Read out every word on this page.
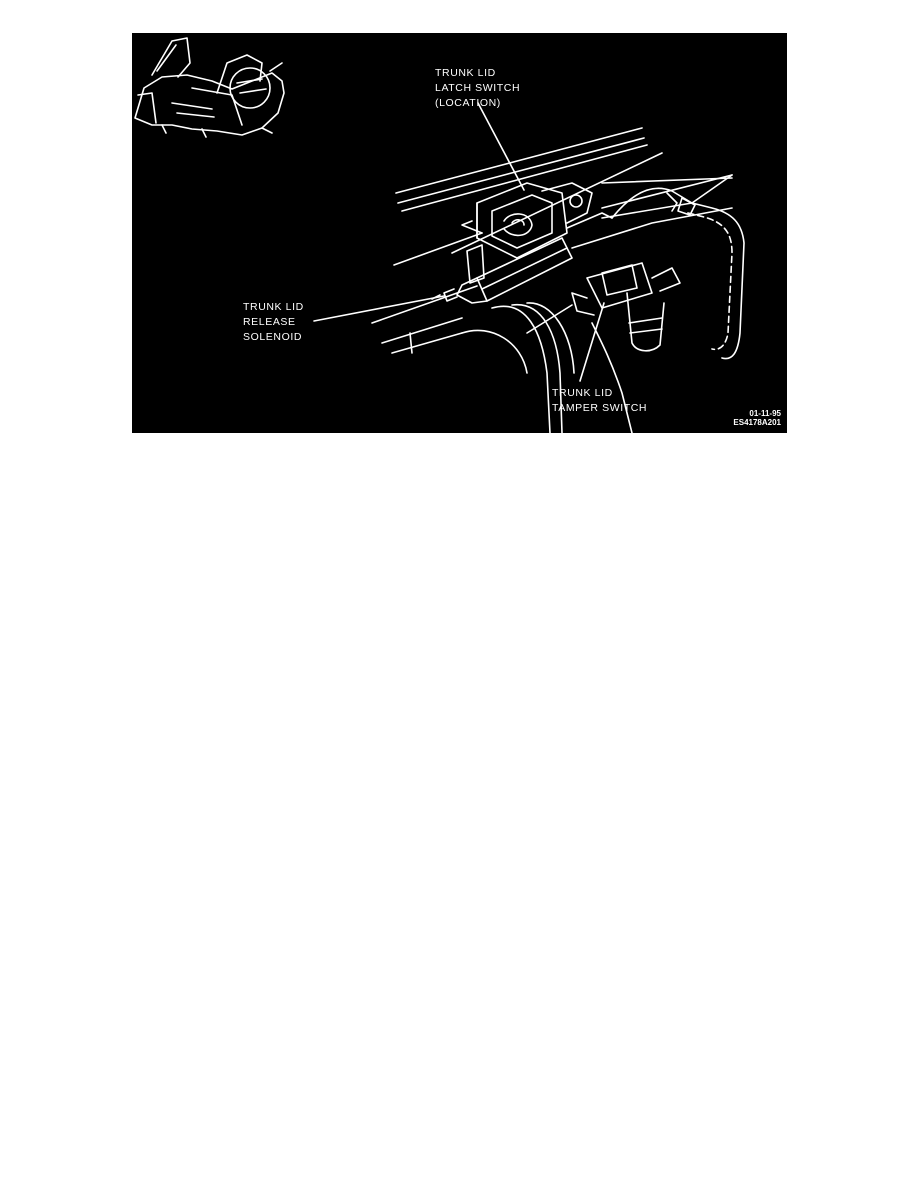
TRUNK LID
LATCH SWITCH
(LOCATION)
TRUNK LID
RELEASE
SOLENOID
TRUNK LID
TAMPER SWITCH	01-11-95
ES4178A201
